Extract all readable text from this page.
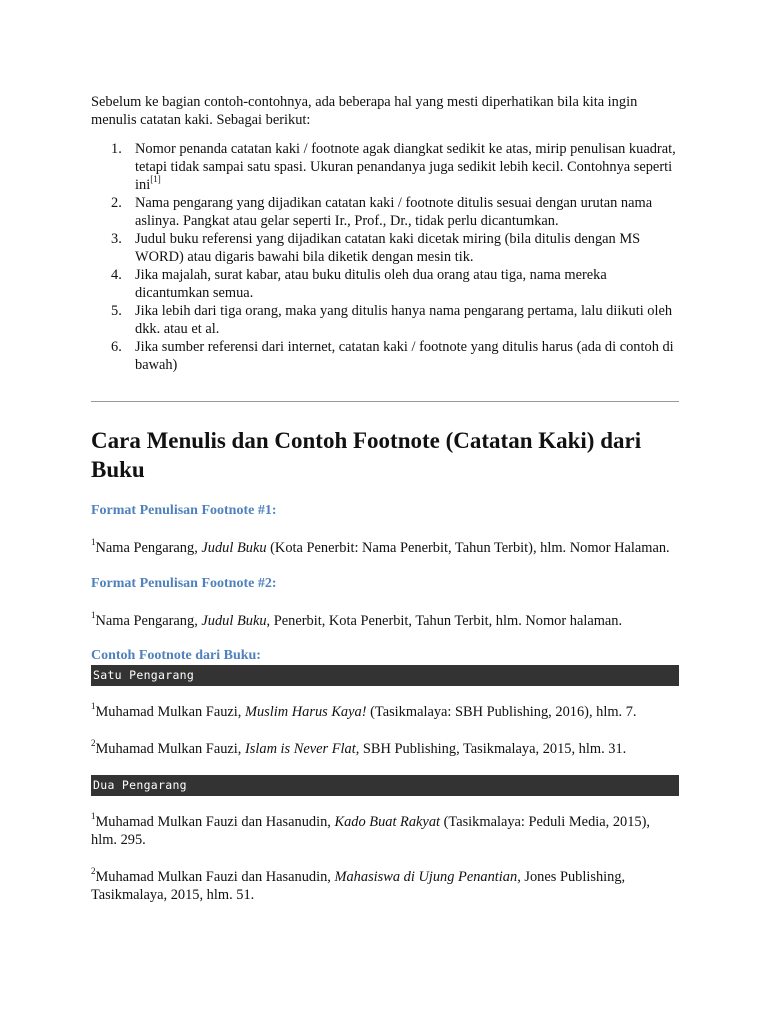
Sebelum ke bagian contoh-contohnya, ada beberapa hal yang mesti diperhatikan bila kita ingin menulis catatan kaki. Sebagai berikut:

1. Nomor penanda catatan kaki / footnote agak diangkat sedikit ke atas, mirip penulisan kuadrat, tetapi tidak sampai satu spasi. Ukuran penandanya juga sedikit lebih kecil. Contohnya seperti ini[1]
2. Nama pengarang yang dijadikan catatan kaki / footnote ditulis sesuai dengan urutan nama aslinya. Pangkat atau gelar seperti Ir., Prof., Dr., tidak perlu dicantumkan.
3. Judul buku referensi yang dijadikan catatan kaki dicetak miring (bila ditulis dengan MS WORD) atau digaris bawahi bila diketik dengan mesin tik.
4. Jika majalah, surat kabar, atau buku ditulis oleh dua orang atau tiga, nama mereka dicantumkan semua.
5. Jika lebih dari tiga orang, maka yang ditulis hanya nama pengarang pertama, lalu diikuti oleh dkk. atau et al.
6. Jika sumber referensi dari internet, catatan kaki / footnote yang ditulis harus (ada di contoh di bawah)
Cara Menulis dan Contoh Footnote (Catatan Kaki) dari Buku

Format Penulisan Footnote #1:

$^1$Nama Pengarang, Judul Buku (Kota Penerbit: Nama Penerbit, Tahun Terbit), hlm. Nomor Halaman.

Format Penulisan Footnote #2:

$^1$Nama Pengarang, Judul Buku, Penerbit, Kota Penerbit, Tahun Terbit, hlm. Nomor halaman.

Contoh Footnote dari Buku:

Satu Pengarang

$^1$Muhamad Mulkan Fauzi, Muslim Harus Kaya! (Tasikmalaya: SBH Publishing, 2016), hlm. 7.

$^2$Muhamad Mulkan Fauzi, Islam is Never Flat, SBH Publishing, Tasikmalaya, 2015, hlm. 31.

Dua Pengarang

$^1$Muhamad Mulkan Fauzi dan Hasanudin, Kado Buat Rakyat (Tasikmalaya: Peduli Media, 2015), hlm. 295.

$^2$Muhamad Mulkan Fauzi dan Hasanudin, Mahasiswa di Ujung Penantian, Jones Publishing, Tasikmalaya, 2015, hlm. 51.
